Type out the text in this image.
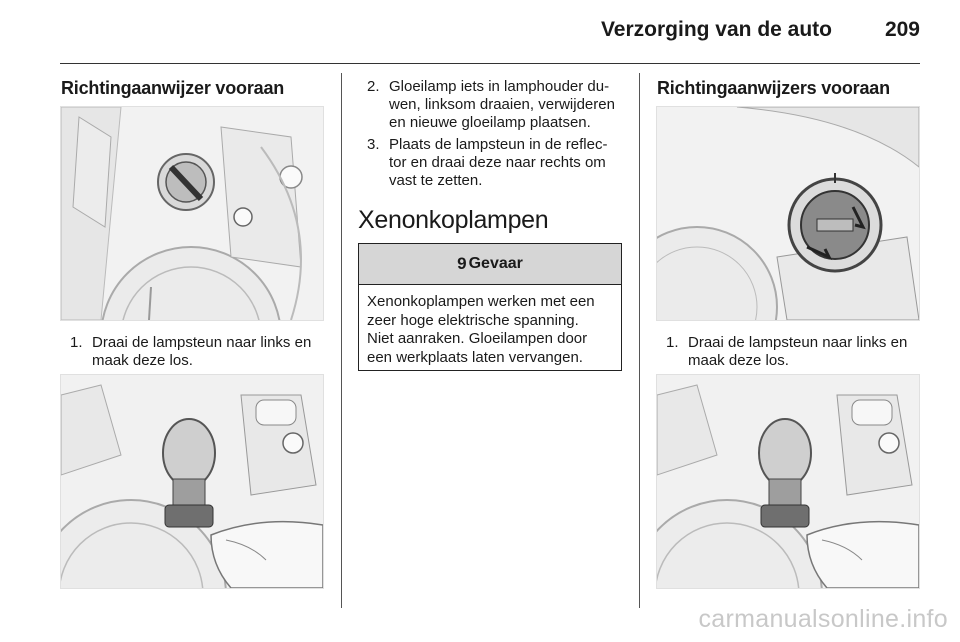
Verzorging van de auto	209
Richtingaanwijzer vooraan
1. Draai de lampsteun naar links en
maak deze los.
2. Gloeilamp iets in lamphouder du-
wen, linksom draaien, verwijderen
en nieuwe gloeilamp plaatsen.
3. Plaats de lampsteun in de reflec-
tor en draai deze naar rechts om
vast te zetten.
Xenonkoplampen
9 Gevaar
Xenonkoplampen werken met een
zeer hoge elektrische spanning.
Niet aanraken. Gloeilampen door
een werkplaats laten vervangen.
Richtingaanwijzers vooraan
1. Draai de lampsteun naar links en
maak deze los.
carmanualsonline.info
